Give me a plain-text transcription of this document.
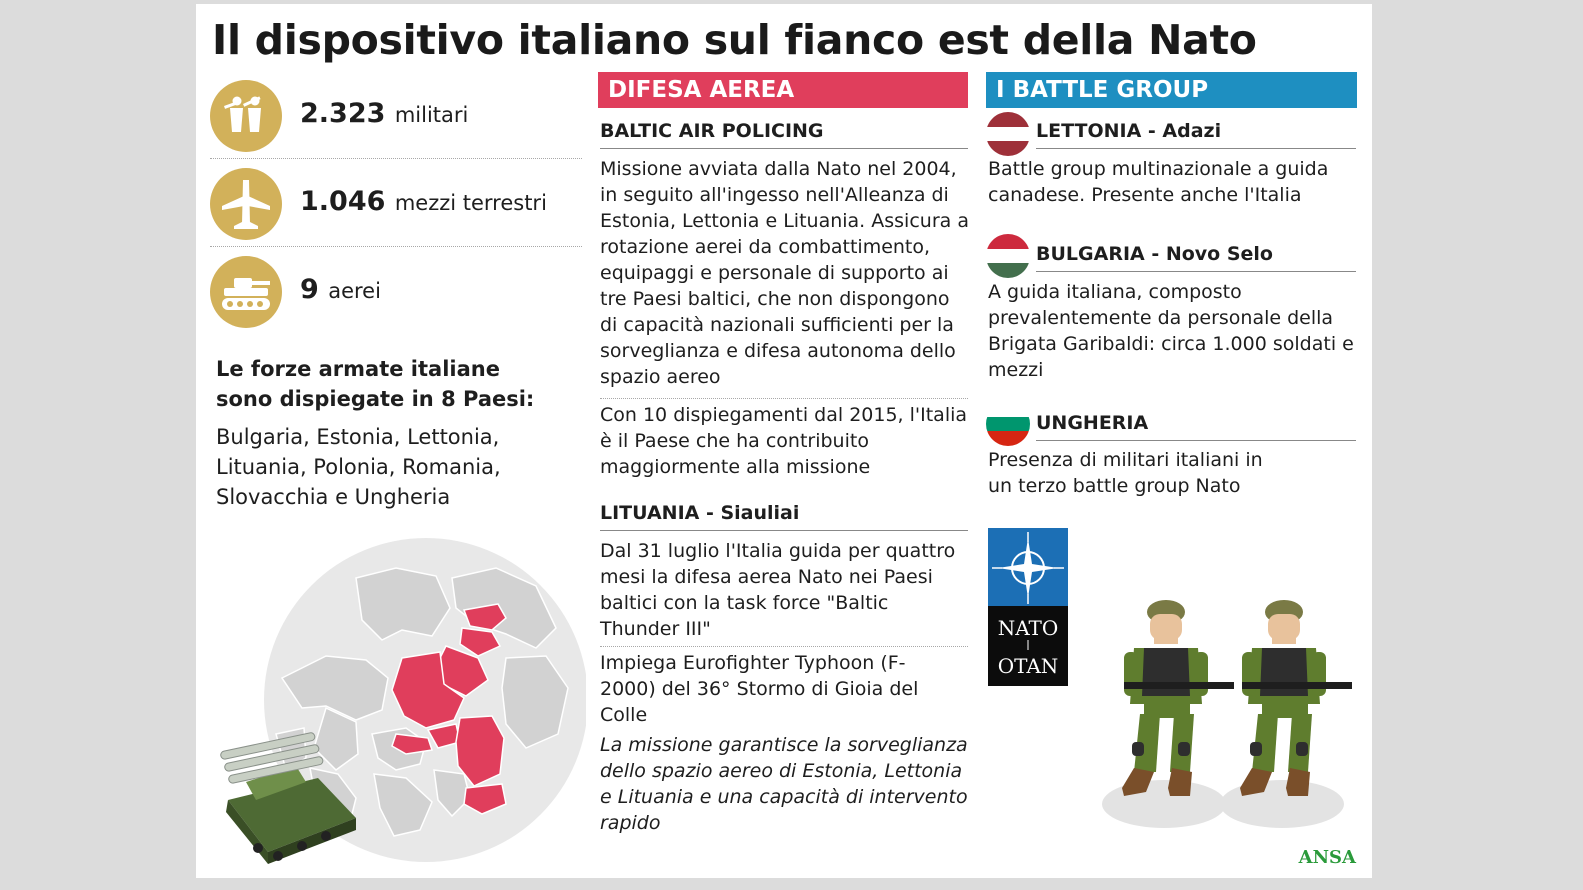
Il dispositivo italiano sul fianco est della Nato
2.323 militari
1.046 mezzi terrestri
9 aerei

Le forze armate italiane sono dispiegate in 8 Paesi:

Bulgaria, Estonia, Lettonia, Lituania, Polonia, Romania, Slovacchia e Ungheria

DIFESA AEREA
BALTIC AIR POLICING

Missione avviata dalla Nato nel 2004, in seguito all'ingesso nell'Alleanza di Estonia, Lettonia e Lituania. Assicura a rotazione aerei da combattimento, equipaggi e personale di supporto ai tre Paesi baltici, che non dispongono di capacità nazionali sufficienti per la sorveglianza e difesa autonoma dello spazio aereo

Con 10 dispiegamenti dal 2015, l'Italia è il Paese che ha contribuito maggiormente alla missione

LITUANIA - Siauliai

Dal 31 luglio l'Italia guida per quattro mesi la difesa aerea Nato nei Paesi baltici con la task force "Baltic Thunder III"

Impiega Eurofighter Typhoon (F-2000) del 36° Stormo di Gioia del Colle

La missione garantisce la sorveglianza dello spazio aereo di Estonia, Lettonia e Lituania e una capacità di intervento rapido

I BATTLE GROUP
LETTONIA - Adazi

Battle group multinazionale a guida canadese. Presente anche l'Italia

BULGARIA - Novo Selo

A guida italiana, composto prevalentemente da personale della Brigata Garibaldi: circa 1.000 soldati e mezzi

UNGHERIA

Presenza di militari italiani in un terzo battle group Nato

NATO
OTAN
ANSA
